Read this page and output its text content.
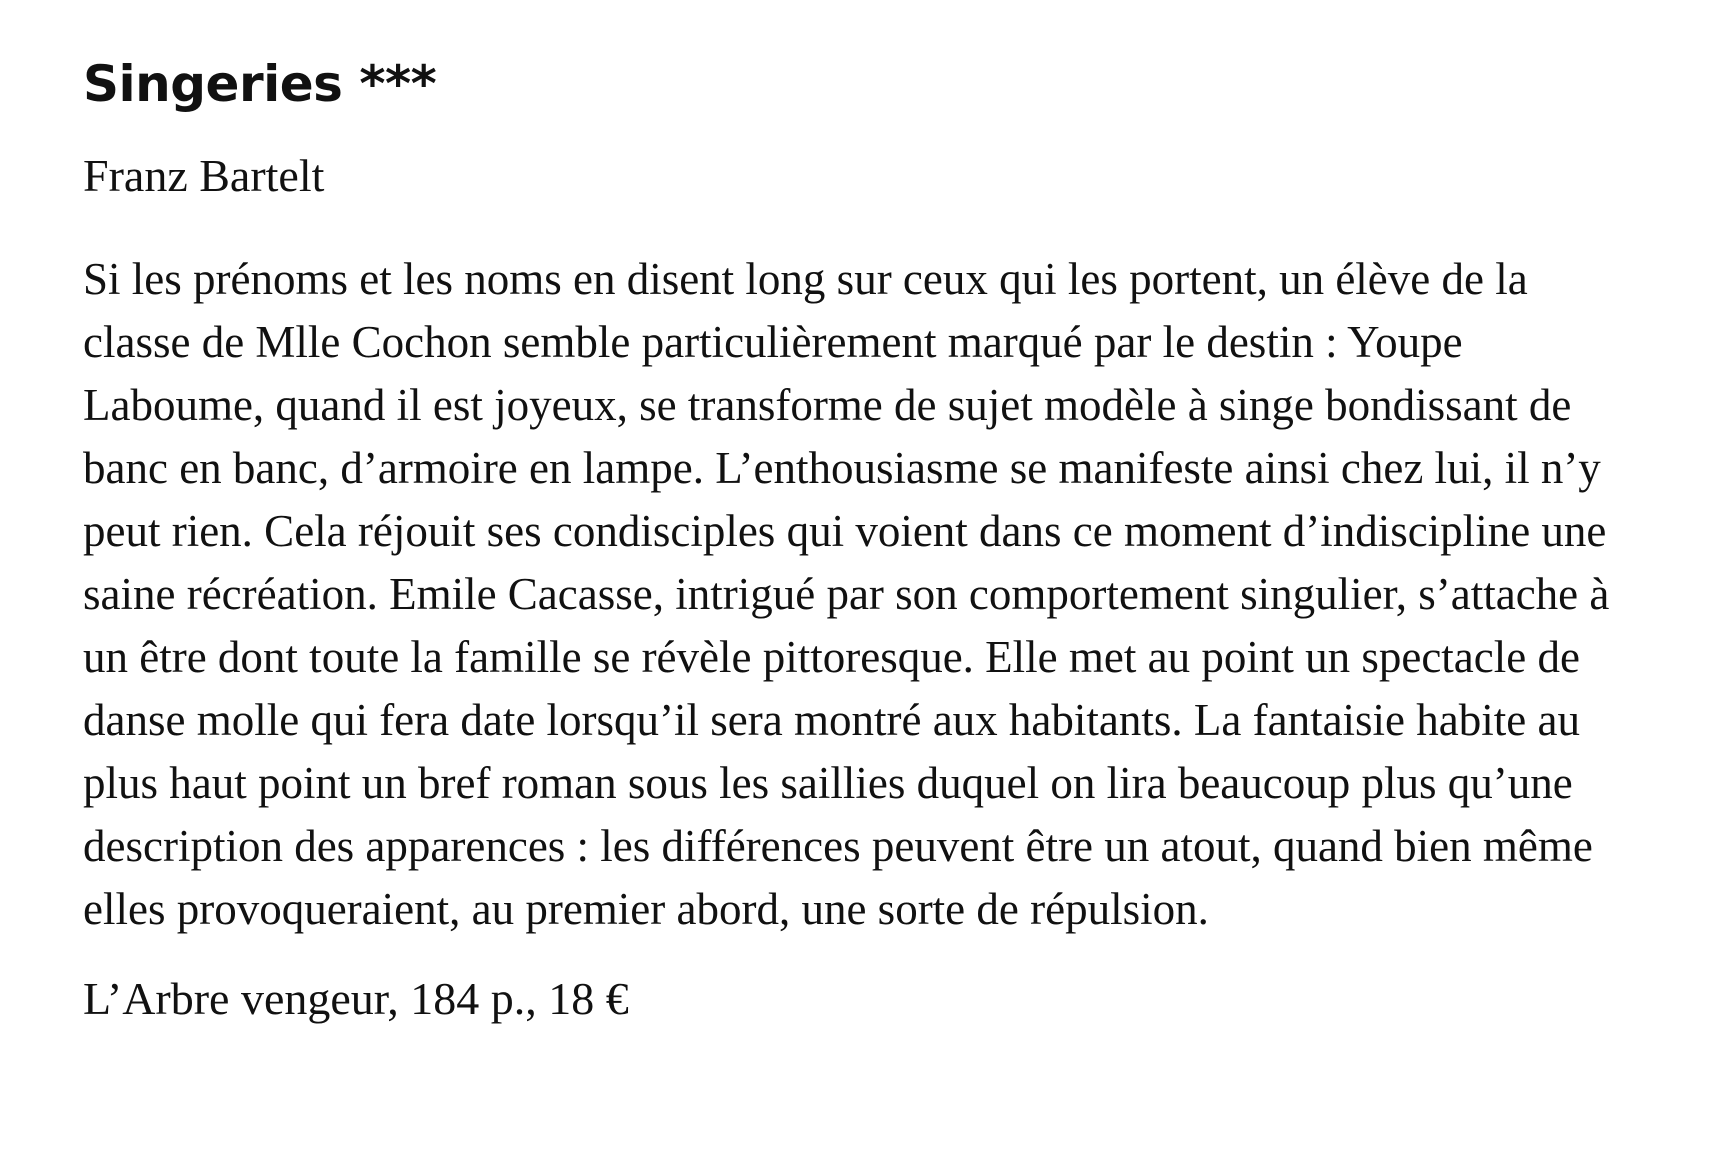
Singeries ***

Franz Bartelt

Si les prénoms et les noms en disent long sur ceux qui les portent, un élève de la classe de Mlle Cochon semble particulièrement marqué par le destin : Youpe Laboume, quand il est joyeux, se transforme de sujet modèle à singe bondissant de banc en banc, d’armoire en lampe. L’enthousiasme se manifeste ainsi chez lui, il n’y peut rien. Cela réjouit ses condisciples qui voient dans ce moment d’indiscipline une saine récréation. Emile Cacasse, intrigué par son comportement singulier, s’attache à un être dont toute la famille se révèle pittoresque. Elle met au point un spectacle de danse molle qui fera date lorsqu’il sera montré aux habitants. La fantaisie habite au plus haut point un bref roman sous les saillies duquel on lira beaucoup plus qu’une description des apparences : les différences peuvent être un atout, quand bien même elles provoqueraient, au premier abord, une sorte de répulsion.

L’Arbre vengeur, 184 p., 18 €
